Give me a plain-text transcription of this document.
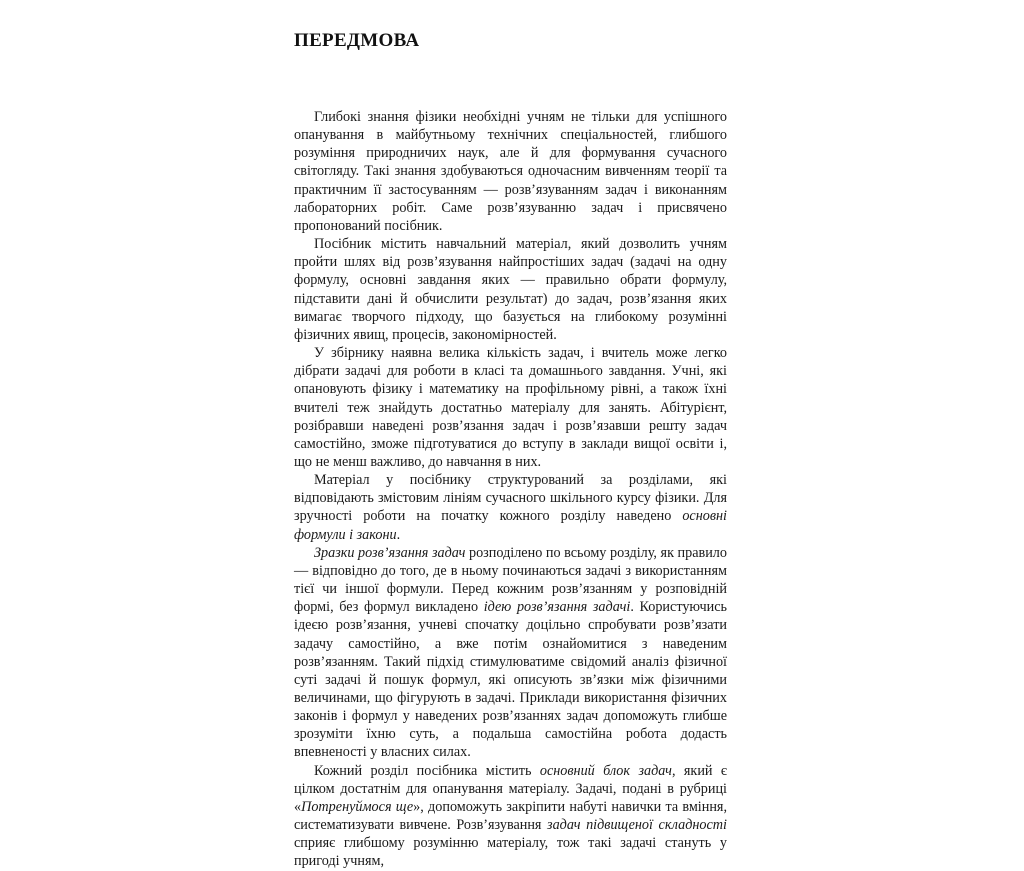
ПЕРЕДМОВА

Глибокі знання фізики необхідні учням не тільки для успішного опанування в майбутньому технічних спеціальностей, глибшого розуміння природничих наук, але й для формування сучасного світогляду. Такі знання здобуваються одночасним вивченням теорії та практичним її застосуванням — розв’язуванням задач і виконанням лабораторних робіт. Саме розв’язуванню задач і присвячено пропонований посібник.

Посібник містить навчальний матеріал, який дозволить учням пройти шлях від розв’язування найпростіших задач (задачі на одну формулу, основні завдання яких — правильно обрати формулу, підставити дані й обчислити результат) до задач, розв’язання яких вимагає творчого підходу, що базується на глибокому розумінні фізичних явищ, процесів, закономірностей.

У збірнику наявна велика кількість задач, і вчитель може легко дібрати задачі для роботи в класі та домашнього завдання. Учні, які опановують фізику і математику на профільному рівні, а також їхні вчителі теж знайдуть достатньо матеріалу для занять. Абітурієнт, розібравши наведені розв’язання задач і розв’язавши решту задач самостійно, зможе підготуватися до вступу в заклади вищої освіти і, що не менш важливо, до навчання в них.

Матеріал у посібнику структурований за розділами, які відповідають змістовим лініям сучасного шкільного курсу фізики. Для зручності роботи на початку кожного розділу наведено основні формули і закони.

Зразки розв’язання задач розподілено по всьому розділу, як правило — відповідно до того, де в ньому починаються задачі з використанням тієї чи іншої формули. Перед кожним розв’язанням у розповідній формі, без формул викладено ідею розв’язання задачі. Користуючись ідеєю розв’язання, учневі спочатку доцільно спробувати розв’язати задачу самостійно, а вже потім ознайомитися з наведеним розв’язанням. Такий підхід стимулюватиме свідомий аналіз фізичної суті задачі й пошук формул, які описують зв’язки між фізичними величинами, що фігурують в задачі. Приклади використання фізичних законів і формул у наведених розв’язаннях задач допоможуть глибше зрозуміти їхню суть, а подальша самостійна робота додасть впевненості у власних силах.

Кожний розділ посібника містить основний блок задач, який є цілком достатнім для опанування матеріалу. Задачі, подані в рубриці «Потренуймося ще», допоможуть закріпити набуті навички та вміння, систематизувати вивчене. Розв’язування задач підвищеної складності сприяє глибшому розумінню матеріалу, тож такі задачі стануть у пригоді учням,
